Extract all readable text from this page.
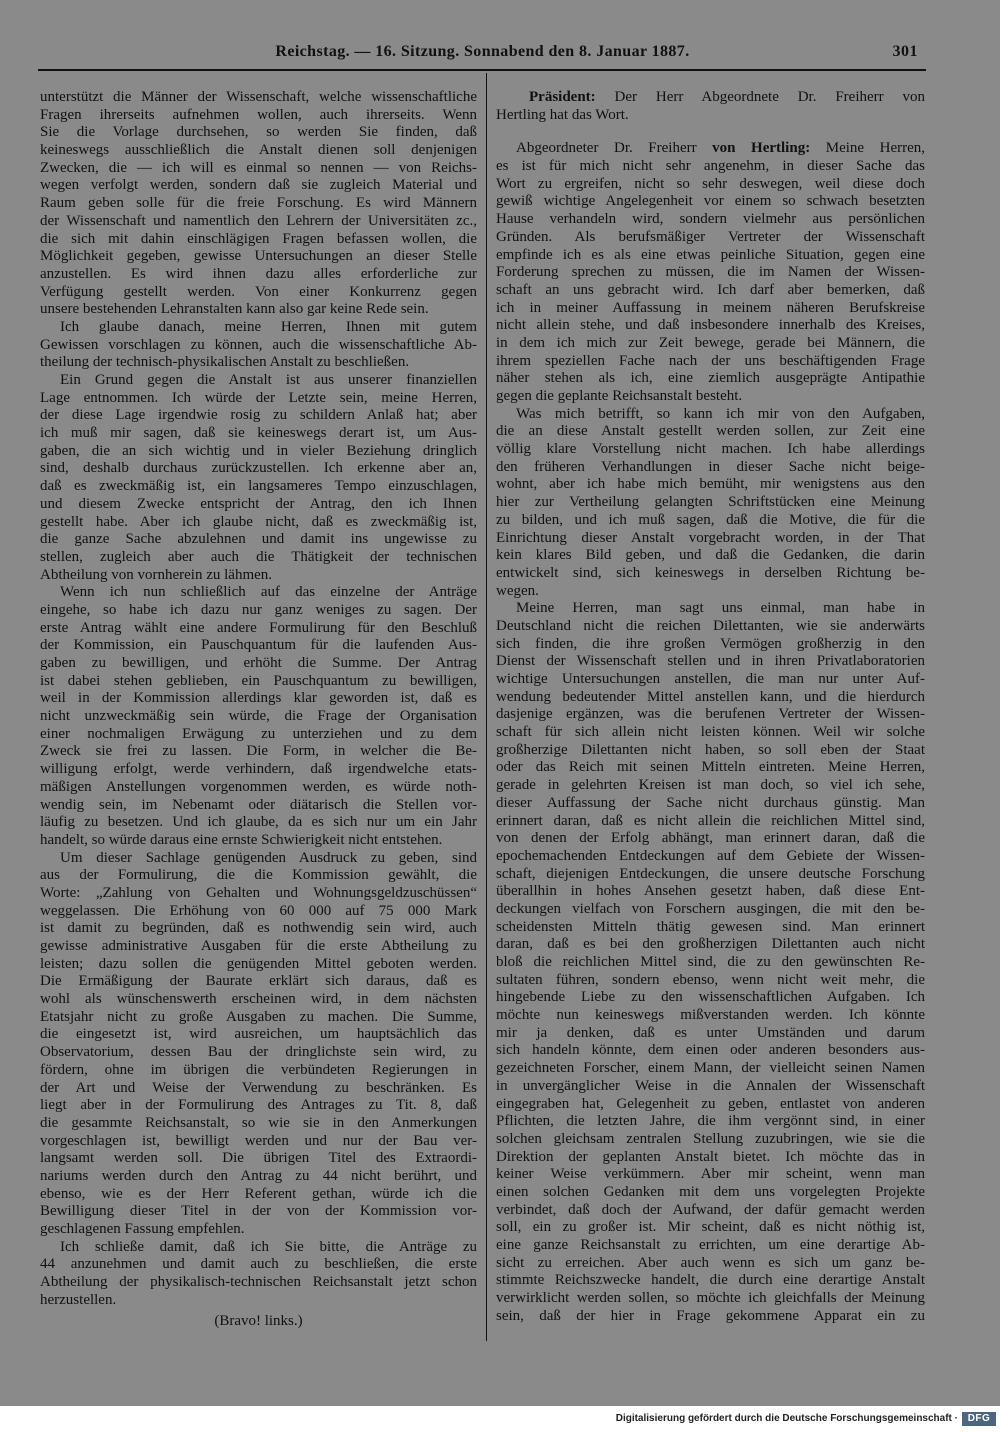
Reichstag. — 16. Sitzung. Sonnabend den 8. Januar 1887.	301
unterstützt die Männer der Wissenschaft, welche wissenschaftliche
Fragen ihrerseits aufnehmen wollen, auch ihrerseits. Wenn
Sie die Vorlage durchsehen, so werden Sie finden, daß
keineswegs ausschließlich die Anstalt dienen soll denjenigen
Zwecken, die — ich will es einmal so nennen — von Reichs-
wegen verfolgt werden, sondern daß sie zugleich Material und
Raum geben solle für die freie Forschung. Es wird Männern
der Wissenschaft und namentlich den Lehrern der Universitäten zc.,
die sich mit dahin einschlägigen Fragen befassen wollen, die
Möglichkeit gegeben, gewisse Untersuchungen an dieser Stelle
anzustellen. Es wird ihnen dazu alles erforderliche zur
Verfügung gestellt werden. Von einer Konkurrenz gegen
unsere bestehenden Lehranstalten kann also gar keine Rede sein.
Ich glaube danach, meine Herren, Ihnen mit gutem
Gewissen vorschlagen zu können, auch die wissenschaftliche Ab-
theilung der technisch-physikalischen Anstalt zu beschließen.
Ein Grund gegen die Anstalt ist aus unserer finanziellen
Lage entnommen. Ich würde der Letzte sein, meine Herren,
der diese Lage irgendwie rosig zu schildern Anlaß hat; aber
ich muß mir sagen, daß sie keineswegs derart ist, um Aus-
gaben, die an sich wichtig und in vieler Beziehung dringlich
sind, deshalb durchaus zurückzustellen. Ich erkenne aber an,
daß es zweckmäßig ist, ein langsameres Tempo einzuschlagen,
und diesem Zwecke entspricht der Antrag, den ich Ihnen
gestellt habe. Aber ich glaube nicht, daß es zweckmäßig ist,
die ganze Sache abzulehnen und damit ins ungewisse zu
stellen, zugleich aber auch die Thätigkeit der technischen
Abtheilung von vornherein zu lähmen.
Wenn ich nun schließlich auf das einzelne der Anträge
eingehe, so habe ich dazu nur ganz weniges zu sagen. Der
erste Antrag wählt eine andere Formulirung für den Beschluß
der Kommission, ein Pauschquantum für die laufenden Aus-
gaben zu bewilligen, und erhöht die Summe. Der Antrag
ist dabei stehen geblieben, ein Pauschquantum zu bewilligen,
weil in der Kommission allerdings klar geworden ist, daß es
nicht unzweckmäßig sein würde, die Frage der Organisation
einer nochmaligen Erwägung zu unterziehen und zu dem
Zweck sie frei zu lassen. Die Form, in welcher die Be-
willigung erfolgt, werde verhindern, daß irgendwelche etats-
mäßigen Anstellungen vorgenommen werden, es würde noth-
wendig sein, im Nebenamt oder diätarisch die Stellen vor-
läufig zu besetzen. Und ich glaube, da es sich nur um ein Jahr
handelt, so würde daraus eine ernste Schwierigkeit nicht entstehen.
Um dieser Sachlage genügenden Ausdruck zu geben, sind
aus der Formulirung, die die Kommission gewählt, die
Worte: „Zahlung von Gehalten und Wohnungsgeldzuschüssen“
weggelassen. Die Erhöhung von 60 000 auf 75 000 Mark
ist damit zu begründen, daß es nothwendig sein wird, auch
gewisse administrative Ausgaben für die erste Abtheilung zu
leisten; dazu sollen die genügenden Mittel geboten werden.
Die Ermäßigung der Baurate erklärt sich daraus, daß es
wohl als wünschenswerth erscheinen wird, in dem nächsten
Etatsjahr nicht zu große Ausgaben zu machen. Die Summe,
die eingesetzt ist, wird ausreichen, um hauptsächlich das
Observatorium, dessen Bau der dringlichste sein wird, zu
fördern, ohne im übrigen die verbündeten Regierungen in
der Art und Weise der Verwendung zu beschränken. Es
liegt aber in der Formulirung des Antrages zu Tit. 8, daß
die gesammte Reichsanstalt, so wie sie in den Anmerkungen
vorgeschlagen ist, bewilligt werden und nur der Bau ver-
langsamt werden soll. Die übrigen Titel des Extraordi-
nariums werden durch den Antrag zu 44 nicht berührt, und
ebenso, wie es der Herr Referent gethan, würde ich die
Bewilligung dieser Titel in der von der Kommission vor-
geschlagenen Fassung empfehlen.
Ich schließe damit, daß ich Sie bitte, die Anträge zu
44 anzunehmen und damit auch zu beschließen, die erste
Abtheilung der physikalisch-technischen Reichsanstalt jetzt schon
herzustellen.
(Bravo! links.)
Präsident: Der Herr Abgeordnete Dr. Freiherr von
Hertling hat das Wort.
Abgeordneter Dr. Freiherr von Hertling: Meine Herren,
es ist für mich nicht sehr angenehm, in dieser Sache das
Wort zu ergreifen, nicht so sehr deswegen, weil diese doch
gewiß wichtige Angelegenheit vor einem so schwach besetzten
Hause verhandeln wird, sondern vielmehr aus persönlichen
Gründen. Als berufsmäßiger Vertreter der Wissenschaft
empfinde ich es als eine etwas peinliche Situation, gegen eine
Forderung sprechen zu müssen, die im Namen der Wissen-
schaft an uns gebracht wird. Ich darf aber bemerken, daß
ich in meiner Auffassung in meinem näheren Berufskreise
nicht allein stehe, und daß insbesondere innerhalb des Kreises,
in dem ich mich zur Zeit bewege, gerade bei Männern, die
ihrem speziellen Fache nach der uns beschäftigenden Frage
näher stehen als ich, eine ziemlich ausgeprägte Antipathie
gegen die geplante Reichsanstalt besteht.
Was mich betrifft, so kann ich mir von den Aufgaben,
die an diese Anstalt gestellt werden sollen, zur Zeit eine
völlig klare Vorstellung nicht machen. Ich habe allerdings
den früheren Verhandlungen in dieser Sache nicht beige-
wohnt, aber ich habe mich bemüht, mir wenigstens aus den
hier zur Vertheilung gelangten Schriftstücken eine Meinung
zu bilden, und ich muß sagen, daß die Motive, die für die
Einrichtung dieser Anstalt vorgebracht worden, in der That
kein klares Bild geben, und daß die Gedanken, die darin
entwickelt sind, sich keineswegs in derselben Richtung be-
wegen.
Meine Herren, man sagt uns einmal, man habe in
Deutschland nicht die reichen Dilettanten, wie sie anderwärts
sich finden, die ihre großen Vermögen großherzig in den
Dienst der Wissenschaft stellen und in ihren Privatlaboratorien
wichtige Untersuchungen anstellen, die man nur unter Auf-
wendung bedeutender Mittel anstellen kann, und die hierdurch
dasjenige ergänzen, was die berufenen Vertreter der Wissen-
schaft für sich allein nicht leisten können. Weil wir solche
großherzige Dilettanten nicht haben, so soll eben der Staat
oder das Reich mit seinen Mitteln eintreten. Meine Herren,
gerade in gelehrten Kreisen ist man doch, so viel ich sehe,
dieser Auffassung der Sache nicht durchaus günstig. Man
erinnert daran, daß es nicht allein die reichlichen Mittel sind,
von denen der Erfolg abhängt, man erinnert daran, daß die
epochemachenden Entdeckungen auf dem Gebiete der Wissen-
schaft, diejenigen Entdeckungen, die unsere deutsche Forschung
überallhin in hohes Ansehen gesetzt haben, daß diese Ent-
deckungen vielfach von Forschern ausgingen, die mit den be-
scheidensten Mitteln thätig gewesen sind. Man erinnert
daran, daß es bei den großherzigen Dilettanten auch nicht
bloß die reichlichen Mittel sind, die zu den gewünschten Re-
sultaten führen, sondern ebenso, wenn nicht weit mehr, die
hingebende Liebe zu den wissenschaftlichen Aufgaben. Ich
möchte nun keineswegs mißverstanden werden. Ich könnte
mir ja denken, daß es unter Umständen und darum
sich handeln könnte, dem einen oder anderen besonders aus-
gezeichneten Forscher, einem Mann, der vielleicht seinen Namen
in unvergänglicher Weise in die Annalen der Wissenschaft
eingegraben hat, Gelegenheit zu geben, entlastet von anderen
Pflichten, die letzten Jahre, die ihm vergönnt sind, in einer
solchen gleichsam zentralen Stellung zuzubringen, wie sie die
Direktion der geplanten Anstalt bietet. Ich möchte das in
keiner Weise verkümmern. Aber mir scheint, wenn man
einen solchen Gedanken mit dem uns vorgelegten Projekte
verbindet, daß doch der Aufwand, der dafür gemacht werden
soll, ein zu großer ist. Mir scheint, daß es nicht nöthig ist,
eine ganze Reichsanstalt zu errichten, um eine derartige Ab-
sicht zu erreichen. Aber auch wenn es sich um ganz be-
stimmte Reichszwecke handelt, die durch eine derartige Anstalt
verwirklicht werden sollen, so möchte ich gleichfalls der Meinung
sein, daß der hier in Frage gekommene Apparat ein zu
Digitalisierung gefördert durch die Deutsche Forschungsgemeinschaft · DFG
